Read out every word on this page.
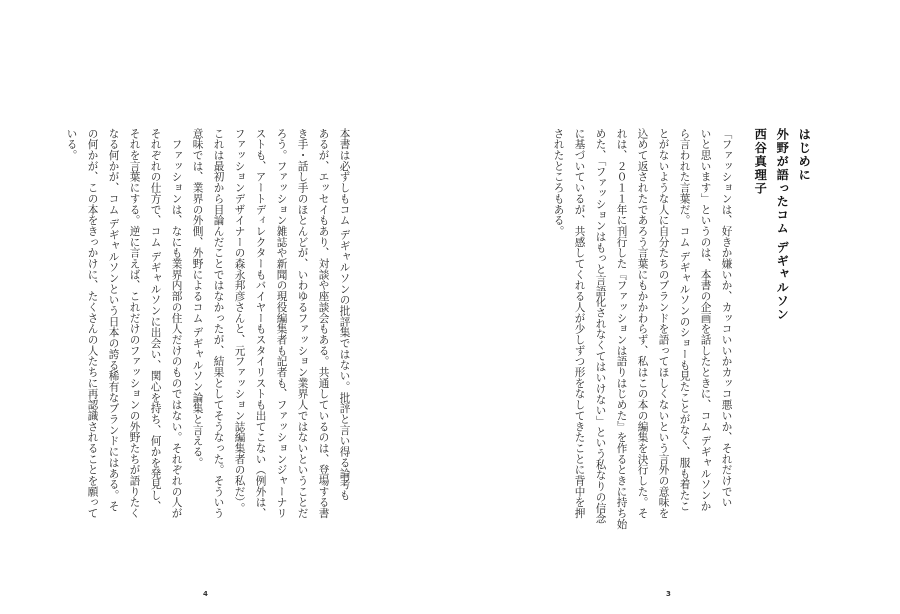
本書は必ずしもコム デギャルソンの批評集ではない。批評と言い得る論考も
あるが、エッセイもあり、対談や座談会もある。共通しているのは、登場する書
き手・話し手のほとんどが、いわゆるファッション業界人ではないということだ
ろう。ファッション雑誌や新聞の現役編集者も記者も、ファッションジャーナリ
ストも、アートディレクターもバイヤーもスタイリストも出てこない（例外は、
ファッションデザイナーの森永邦彦さんと、元ファッション誌編集者の私だ）。
これは最初から目論んだことではなかったが、結果としてそうなった。そういう
意味では、業界の外側、外野によるコム デギャルソン論集と言える。
　ファッションは、なにも業界内部の住人だけのものではない。それぞれの人が
それぞれの仕方で、コム デギャルソンに出会い、関心を持ち、何かを発見し、
それを言葉にする。逆に言えば、これだけのファッションの外野たちが語りたく
なる何かが、コム デギャルソンという日本の誇る稀有なブランドにはある。そ
の何かが、この本をきっかけに、たくさんの人たちに再認識されることを願って
いる。
4
はじめに
外野が語ったコム デギャルソン
西谷真理子
「ファッションは、好きか嫌いか、カッコいいかカッコ悪いか、それだけでい
いと思います」というのは、本書の企画を話したときに、コム デギャルソンか
ら言われた言葉だ。コム デギャルソンのショーも見たことがなく、服も着たこ
とがないような人に自分たちのブランドを語ってほしくないという言外の意味を
込めて返されたであろう言葉にもかかわらず、私はこの本の編集を決行した。そ
れは、２０１１年に刊行した『ファッションは語りはじめた』を作るときに持ち始
めた、「ファッションはもっと言語化されなくてはいけない」という私なりの信念
に基づいているが、共感してくれる人が少しずつ形をなしてきたことに背中を押
されたところもある。
3
